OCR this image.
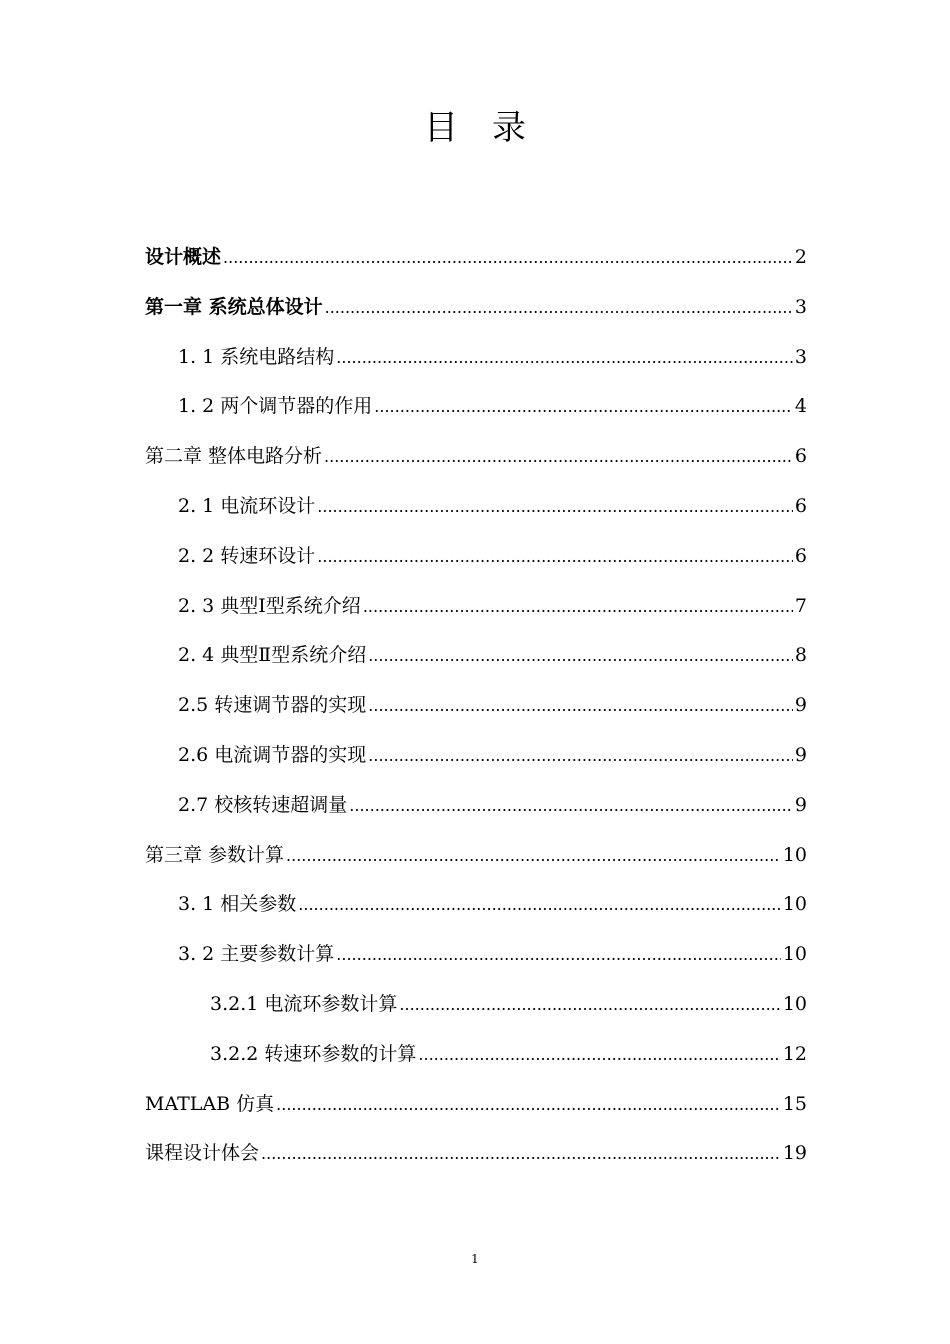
目　录
设计概述 .....	2
第一章 系统总体设计 .....	3
1. 1 系统电路结构 .....	3
1. 2 两个调节器的作用 .....	4
第二章 整体电路分析 .....	6
2. 1 电流环设计 .....	6
2. 2 转速环设计 .....	6
2. 3 典型Ⅰ型系统介绍 .....	7
2. 4 典型Ⅱ型系统介绍 .....	8
2.5 转速调节器的实现 .....	9
2.6 电流调节器的实现 .....	9
2.7 校核转速超调量 .....	9
第三章 参数计算 .....	10
3. 1 相关参数 .....	10
3. 2 主要参数计算 .....	10
3.2.1 电流环参数计算 .....	10
3.2.2 转速环参数的计算 .....	12
MATLAB 仿真 .....	15
课程设计体会 .....	19
1
